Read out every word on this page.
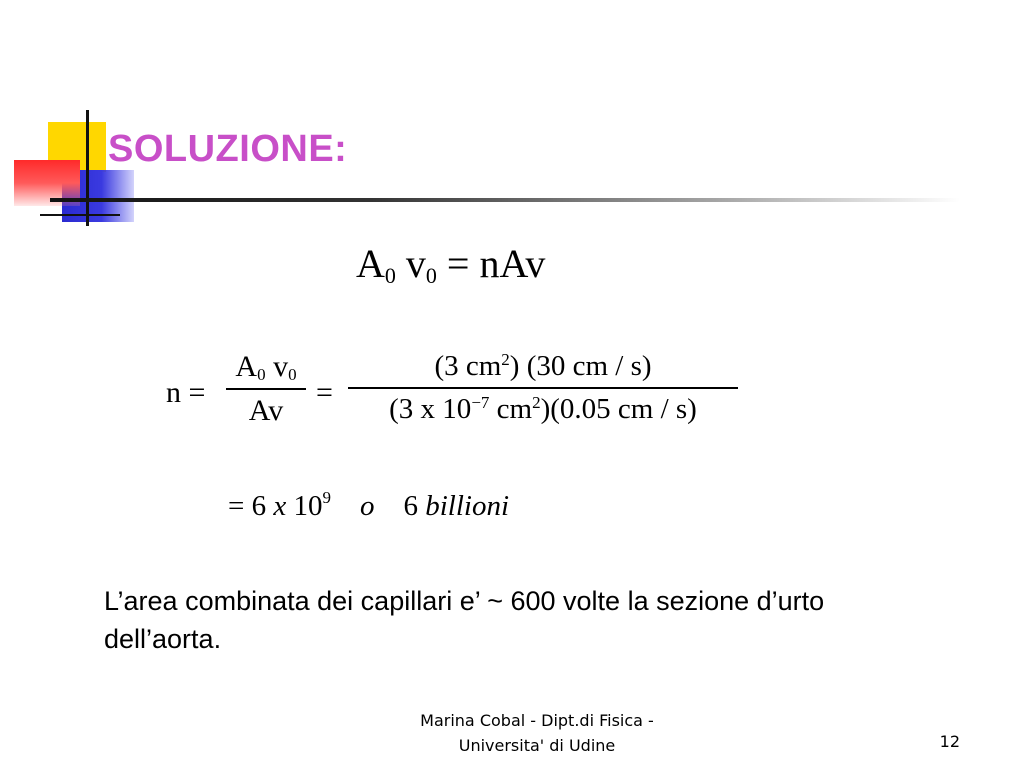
SOLUZIONE:
$A_0$ $v_0$ = nAv
n =
$A_0$ $v_0$
Av
=
(3 $cm^2$) (30 cm / s)
(3 x $10^{-7}$ $cm^2)(0.05$ cm / s)
= 6 x $10^9$ o 6 billioni
L’area combinata dei capillari e’ ~ 600 volte la sezione d’urto dell’aorta.
Marina Cobal - Dipt.di Fisica -
Universita' di Udine	12
